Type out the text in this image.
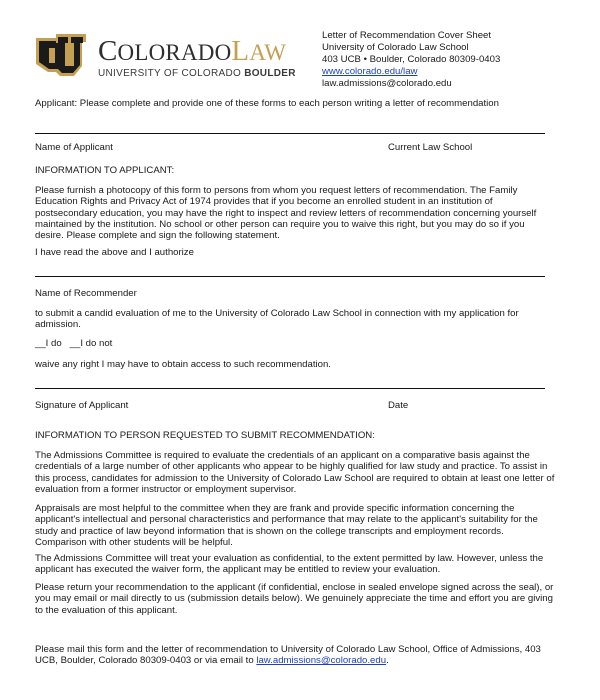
COLORADOLAW
UNIVERSITY OF COLORADO BOULDER
Letter of Recommendation Cover Sheet
University of Colorado Law School
403 UCB • Boulder, Colorado 80309-0403
www.colorado.edu/law
law.admissions@colorado.edu
Applicant: Please complete and provide one of these forms to each person writing a letter of recommendation
Name of Applicant	Current Law School
INFORMATION TO APPLICANT:
Please furnish a photocopy of this form to persons from whom you request letters of recommendation. The Family Education Rights and Privacy Act of 1974 provides that if you become an enrolled student in an institution of postsecondary education, you may have the right to inspect and review letters of recommendation concerning yourself maintained by the institution. No school or other person can require you to waive this right, but you may do so if you desire. Please complete and sign the following statement.
I have read the above and I authorize
Name of Recommender
to submit a candid evaluation of me to the University of Colorado Law School in connection with my application for admission.
__I do   __I do not
waive any right I may have to obtain access to such recommendation.
Signature of Applicant	Date
INFORMATION TO PERSON REQUESTED TO SUBMIT RECOMMENDATION:
The Admissions Committee is required to evaluate the credentials of an applicant on a comparative basis against the credentials of a large number of other applicants who appear to be highly qualified for law study and practice. To assist in this process, candidates for admission to the University of Colorado Law School are required to obtain at least one letter of evaluation from a former instructor or employment supervisor.
Appraisals are most helpful to the committee when they are frank and provide specific information concerning the applicant's intellectual and personal characteristics and performance that may relate to the applicant's suitability for the study and practice of law beyond information that is shown on the college transcripts and employment records. Comparison with other students will be helpful.
The Admissions Committee will treat your evaluation as confidential, to the extent permitted by law. However, unless the applicant has executed the waiver form, the applicant may be entitled to review your evaluation.
Please return your recommendation to the applicant (if confidential, enclose in sealed envelope signed across the seal), or you may email or mail directly to us (submission details below). We genuinely appreciate the time and effort you are giving to the evaluation of this applicant.
Please mail this form and the letter of recommendation to University of Colorado Law School, Office of Admissions, 403 UCB, Boulder, Colorado 80309-0403 or via email to law.admissions@colorado.edu.
